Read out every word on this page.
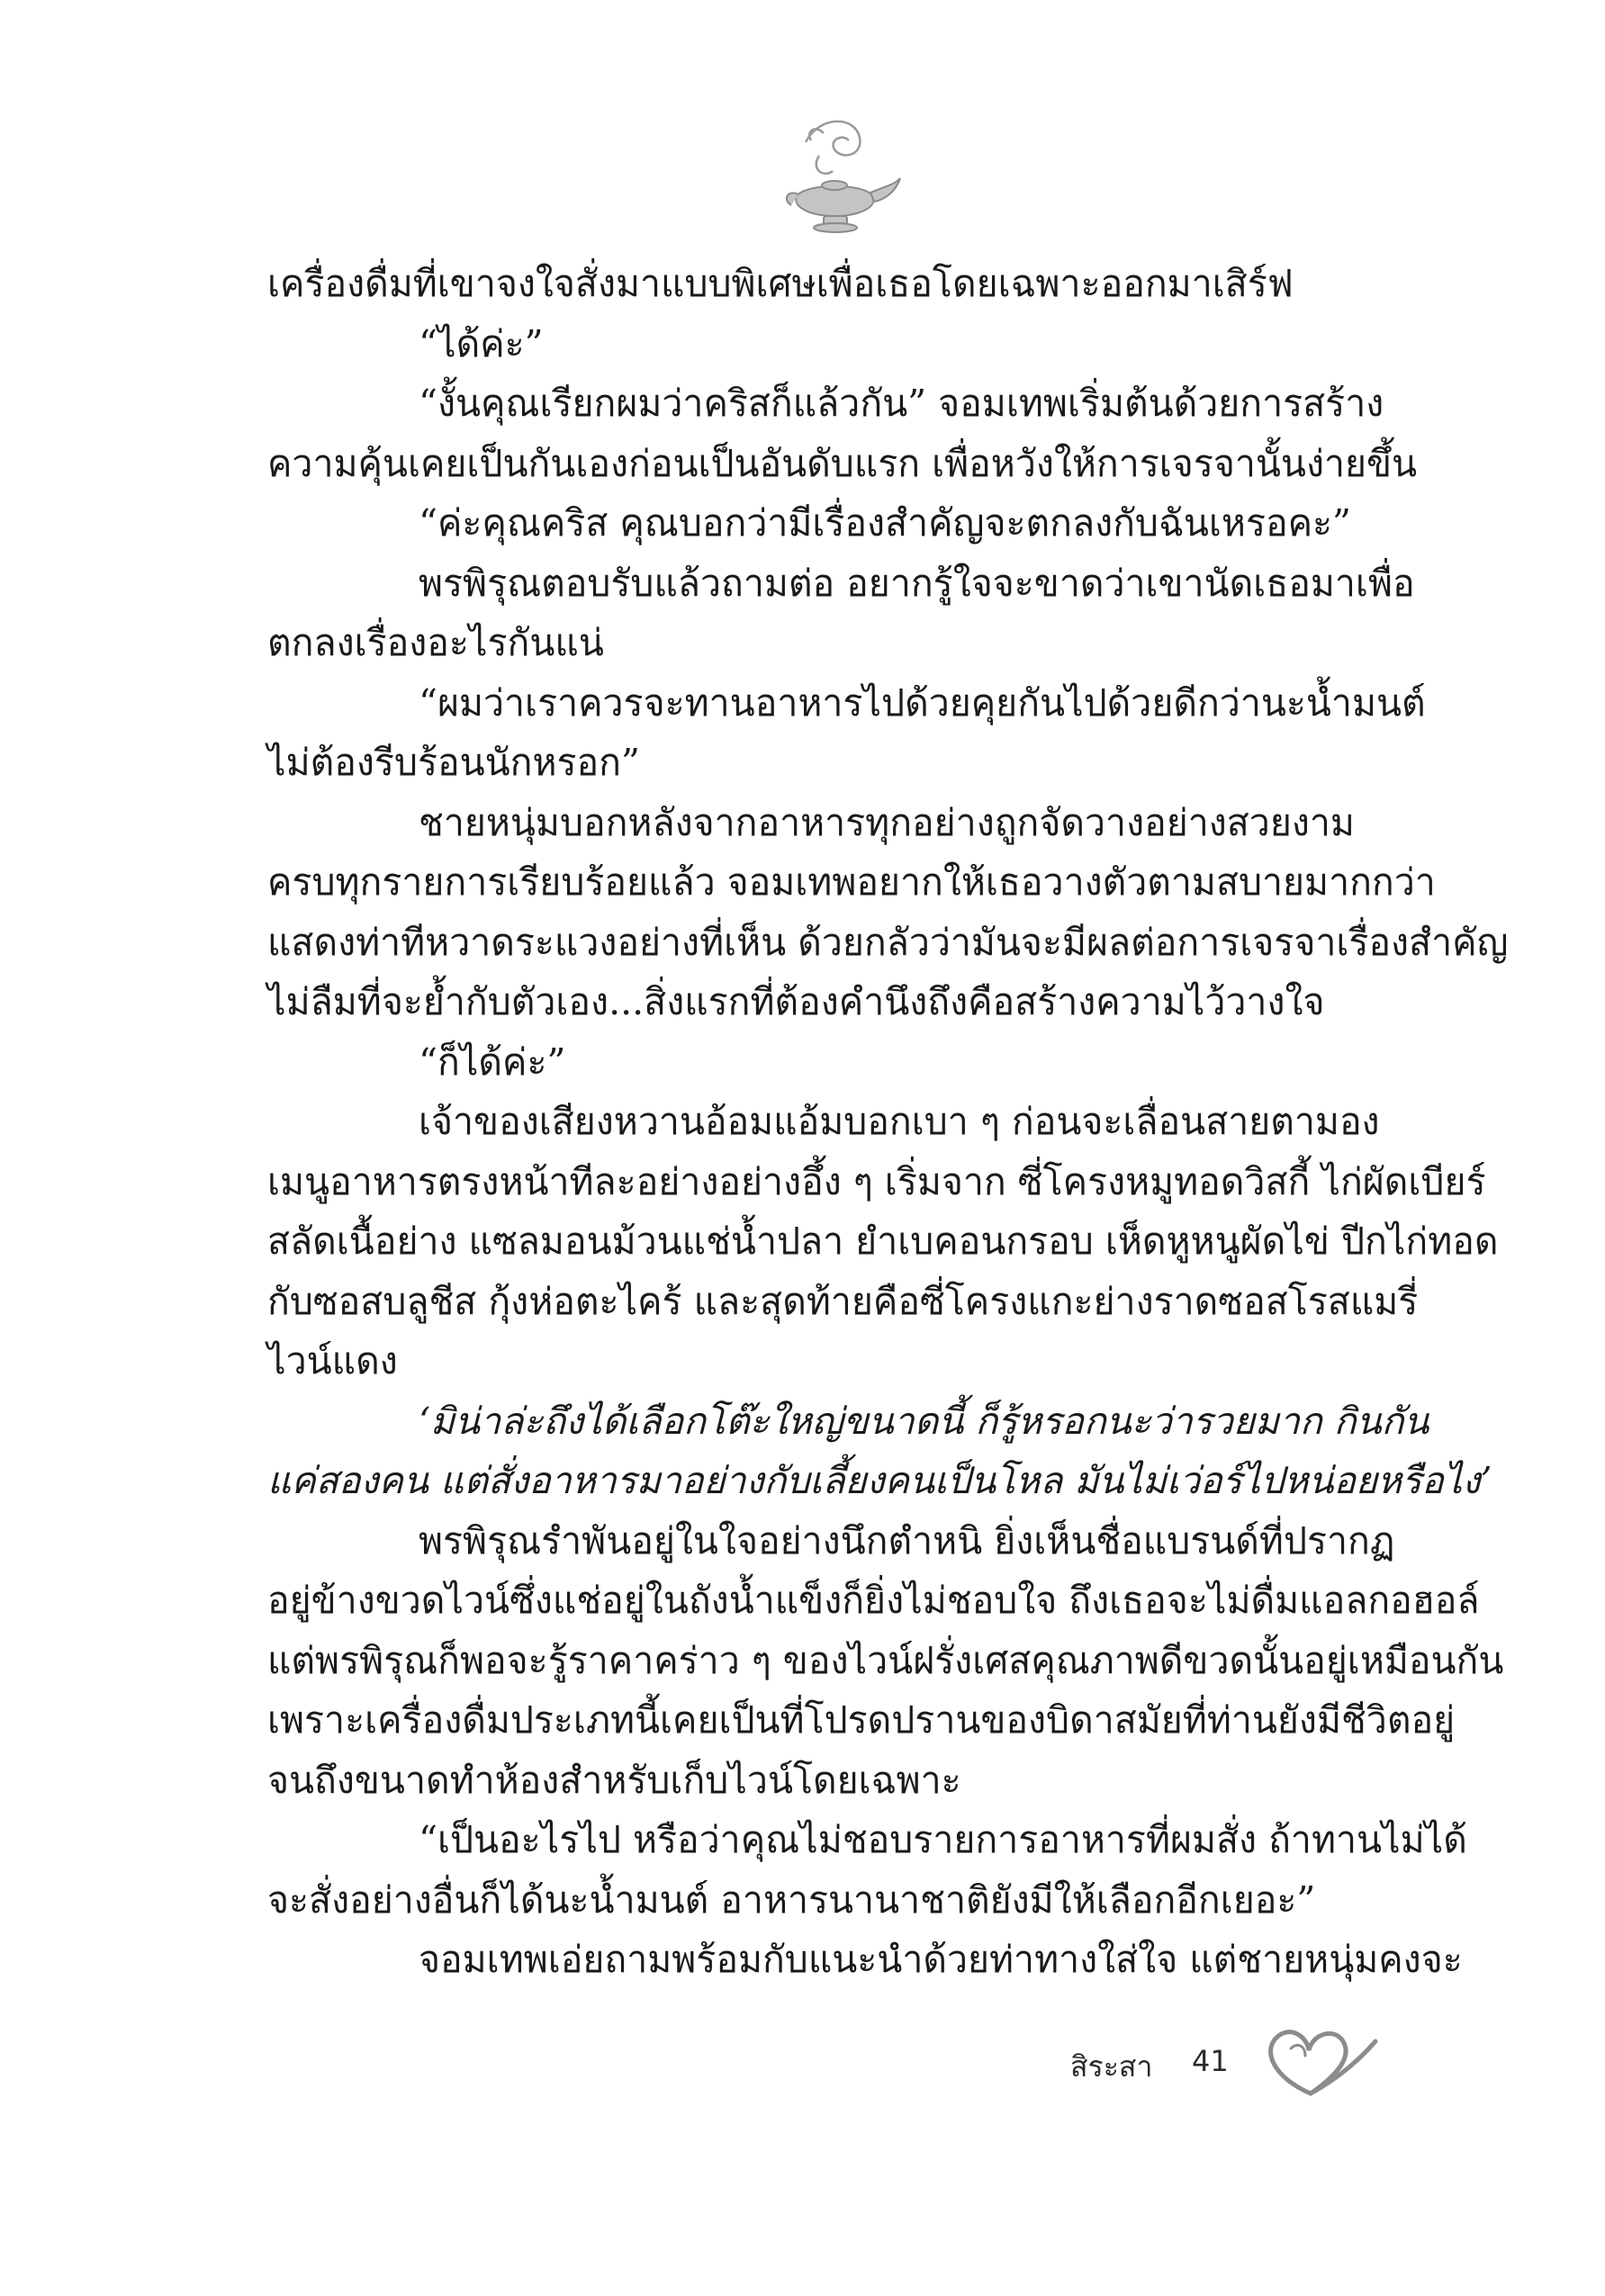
เครื่องดื่มที่เขาจงใจสั่งมาแบบพิเศษเพื่อเธอโดยเฉพาะออกมาเสิร์ฟ
“ได้ค่ะ”
“งั้นคุณเรียกผมว่าคริสก็แล้วกัน” จอมเทพเริ่มต้นด้วยการสร้าง
ความคุ้นเคยเป็นกันเองก่อนเป็นอันดับแรก เพื่อหวังให้การเจรจานั้นง่ายขึ้น
“ค่ะคุณคริส คุณบอกว่ามีเรื่องสำคัญจะตกลงกับฉันเหรอคะ”
พรพิรุณตอบรับแล้วถามต่อ อยากรู้ใจจะขาดว่าเขานัดเธอมาเพื่อ
ตกลงเรื่องอะไรกันแน่
“ผมว่าเราควรจะทานอาหารไปด้วยคุยกันไปด้วยดีกว่านะน้ำมนต์
ไม่ต้องรีบร้อนนักหรอก”
ชายหนุ่มบอกหลังจากอาหารทุกอย่างถูกจัดวางอย่างสวยงาม
ครบทุกรายการเรียบร้อยแล้ว จอมเทพอยากให้เธอวางตัวตามสบายมากกว่า
แสดงท่าทีหวาดระแวงอย่างที่เห็น ด้วยกลัวว่ามันจะมีผลต่อการเจรจาเรื่องสำคัญ
ไม่ลืมที่จะย้ำกับตัวเอง...สิ่งแรกที่ต้องคำนึงถึงคือสร้างความไว้วางใจ
“ก็ได้ค่ะ”
เจ้าของเสียงหวานอ้อมแอ้มบอกเบา ๆ ก่อนจะเลื่อนสายตามอง
เมนูอาหารตรงหน้าทีละอย่างอย่างอึ้ง ๆ เริ่มจาก ซี่โครงหมูทอดวิสกี้ ไก่ผัดเบียร์
สลัดเนื้อย่าง แซลมอนม้วนแช่น้ำปลา ยำเบคอนกรอบ เห็ดหูหนูผัดไข่ ปีกไก่ทอด
กับซอสบลูชีส กุ้งห่อตะไคร้ และสุดท้ายคือซี่โครงแกะย่างราดซอสโรสแมรี่
ไวน์แดง
‘มิน่าล่ะถึงได้เลือกโต๊ะใหญ่ขนาดนี้ ก็รู้หรอกนะว่ารวยมาก กินกัน
แค่สองคน แต่สั่งอาหารมาอย่างกับเลี้ยงคนเป็นโหล มันไม่เว่อร์ไปหน่อยหรือไง’
พรพิรุณรำพันอยู่ในใจอย่างนึกตำหนิ ยิ่งเห็นชื่อแบรนด์ที่ปรากฏ
อยู่ข้างขวดไวน์ซึ่งแช่อยู่ในถังน้ำแข็งก็ยิ่งไม่ชอบใจ ถึงเธอจะไม่ดื่มแอลกอฮอล์
แต่พรพิรุณก็พอจะรู้ราคาคร่าว ๆ ของไวน์ฝรั่งเศสคุณภาพดีขวดนั้นอยู่เหมือนกัน
เพราะเครื่องดื่มประเภทนี้เคยเป็นที่โปรดปรานของบิดาสมัยที่ท่านยังมีชีวิตอยู่
จนถึงขนาดทำห้องสำหรับเก็บไวน์โดยเฉพาะ
“เป็นอะไรไป หรือว่าคุณไม่ชอบรายการอาหารที่ผมสั่ง ถ้าทานไม่ได้
จะสั่งอย่างอื่นก็ได้นะน้ำมนต์ อาหารนานาชาติยังมีให้เลือกอีกเยอะ”
จอมเทพเอ่ยถามพร้อมกับแนะนำด้วยท่าทางใส่ใจ แต่ชายหนุ่มคงจะ
สิระสา 41
